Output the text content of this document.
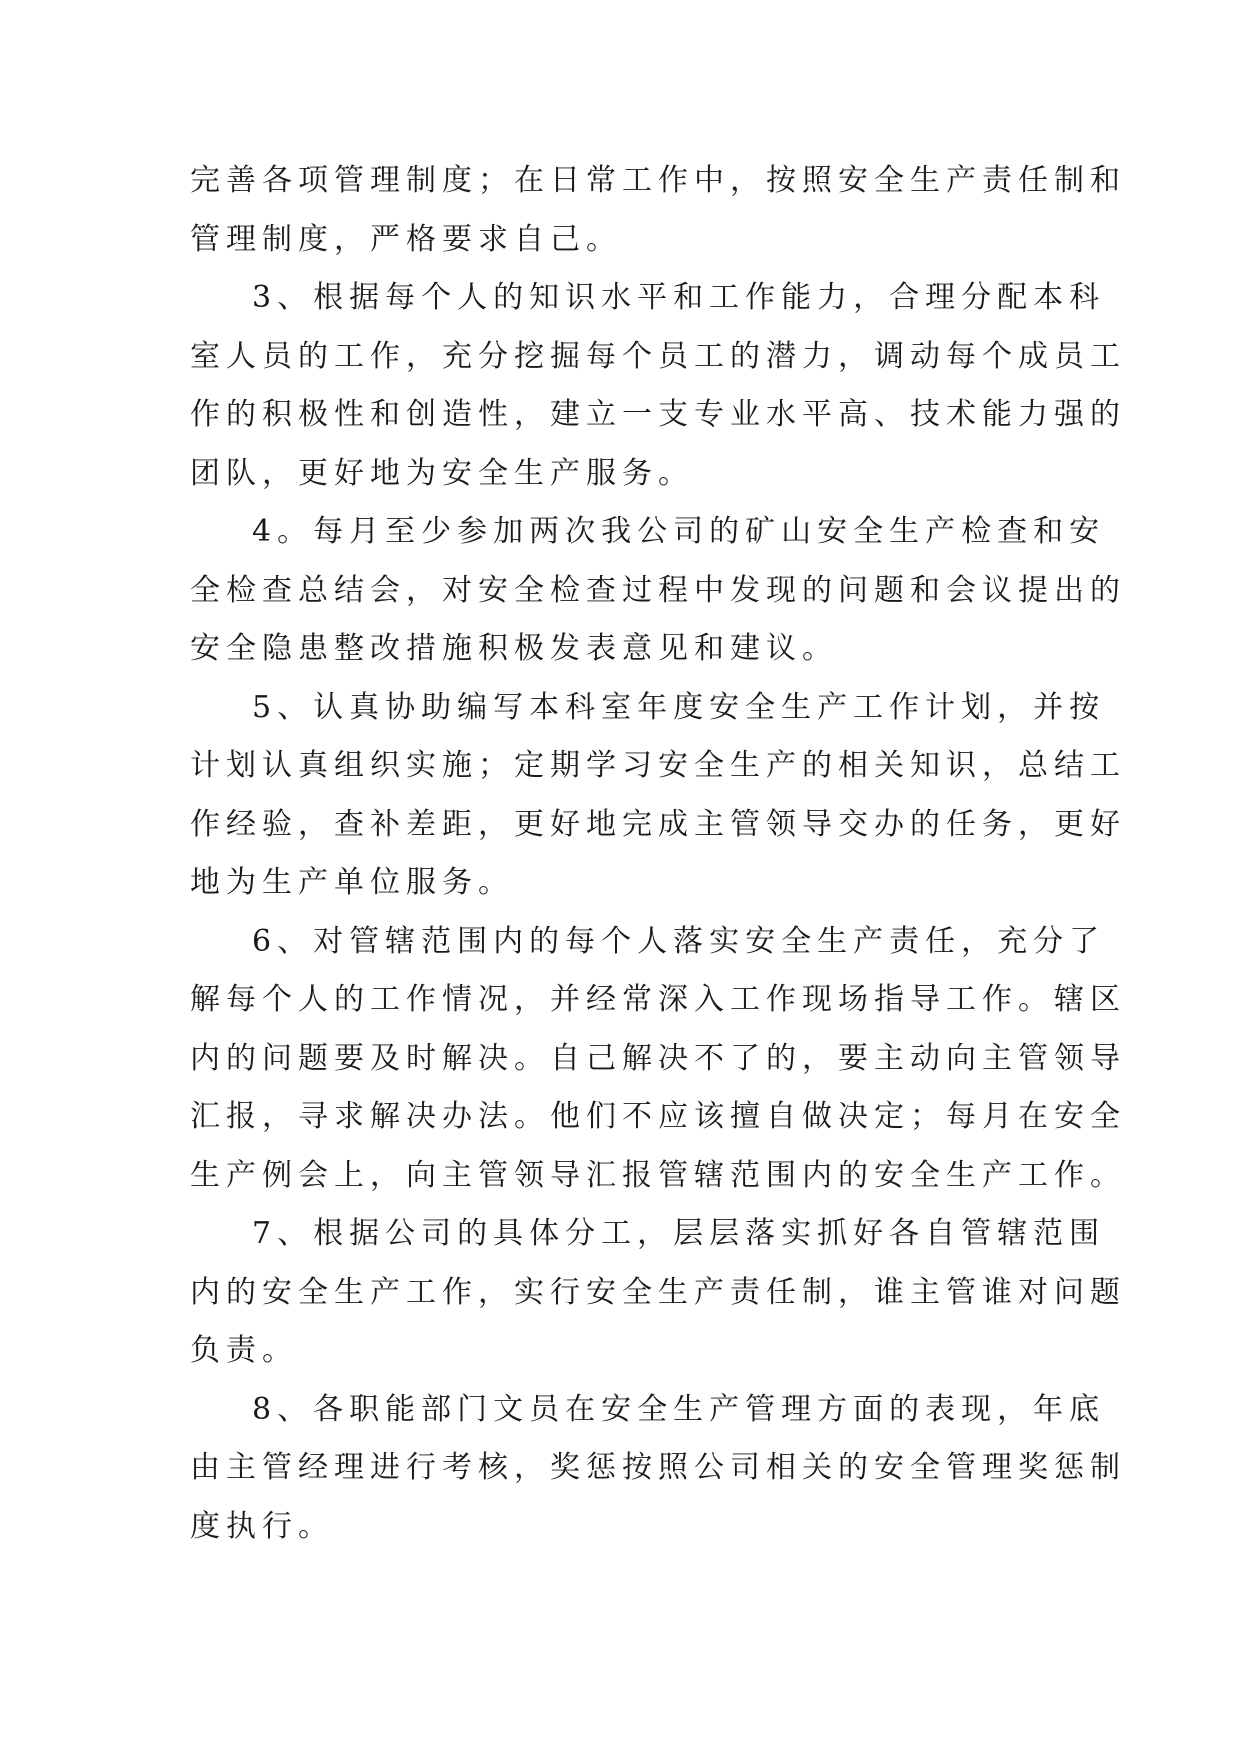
完善各项管理制度；在日常工作中，按照安全生产责任制和
管理制度，严格要求自己。
3、根据每个人的知识水平和工作能力，合理分配本科
室人员的工作，充分挖掘每个员工的潜力，调动每个成员工
作的积极性和创造性，建立一支专业水平高、技术能力强的
团队，更好地为安全生产服务。
4。每月至少参加两次我公司的矿山安全生产检查和安
全检查总结会，对安全检查过程中发现的问题和会议提出的
安全隐患整改措施积极发表意见和建议。
5、认真协助编写本科室年度安全生产工作计划，并按
计划认真组织实施；定期学习安全生产的相关知识，总结工
作经验，查补差距，更好地完成主管领导交办的任务，更好
地为生产单位服务。
6、对管辖范围内的每个人落实安全生产责任，充分了
解每个人的工作情况，并经常深入工作现场指导工作。辖区
内的问题要及时解决。自己解决不了的，要主动向主管领导
汇报，寻求解决办法。他们不应该擅自做决定；每月在安全
生产例会上，向主管领导汇报管辖范围内的安全生产工作。
7、根据公司的具体分工，层层落实抓好各自管辖范围
内的安全生产工作，实行安全生产责任制，谁主管谁对问题
负责。
8、各职能部门文员在安全生产管理方面的表现，年底
由主管经理进行考核，奖惩按照公司相关的安全管理奖惩制
度执行。
